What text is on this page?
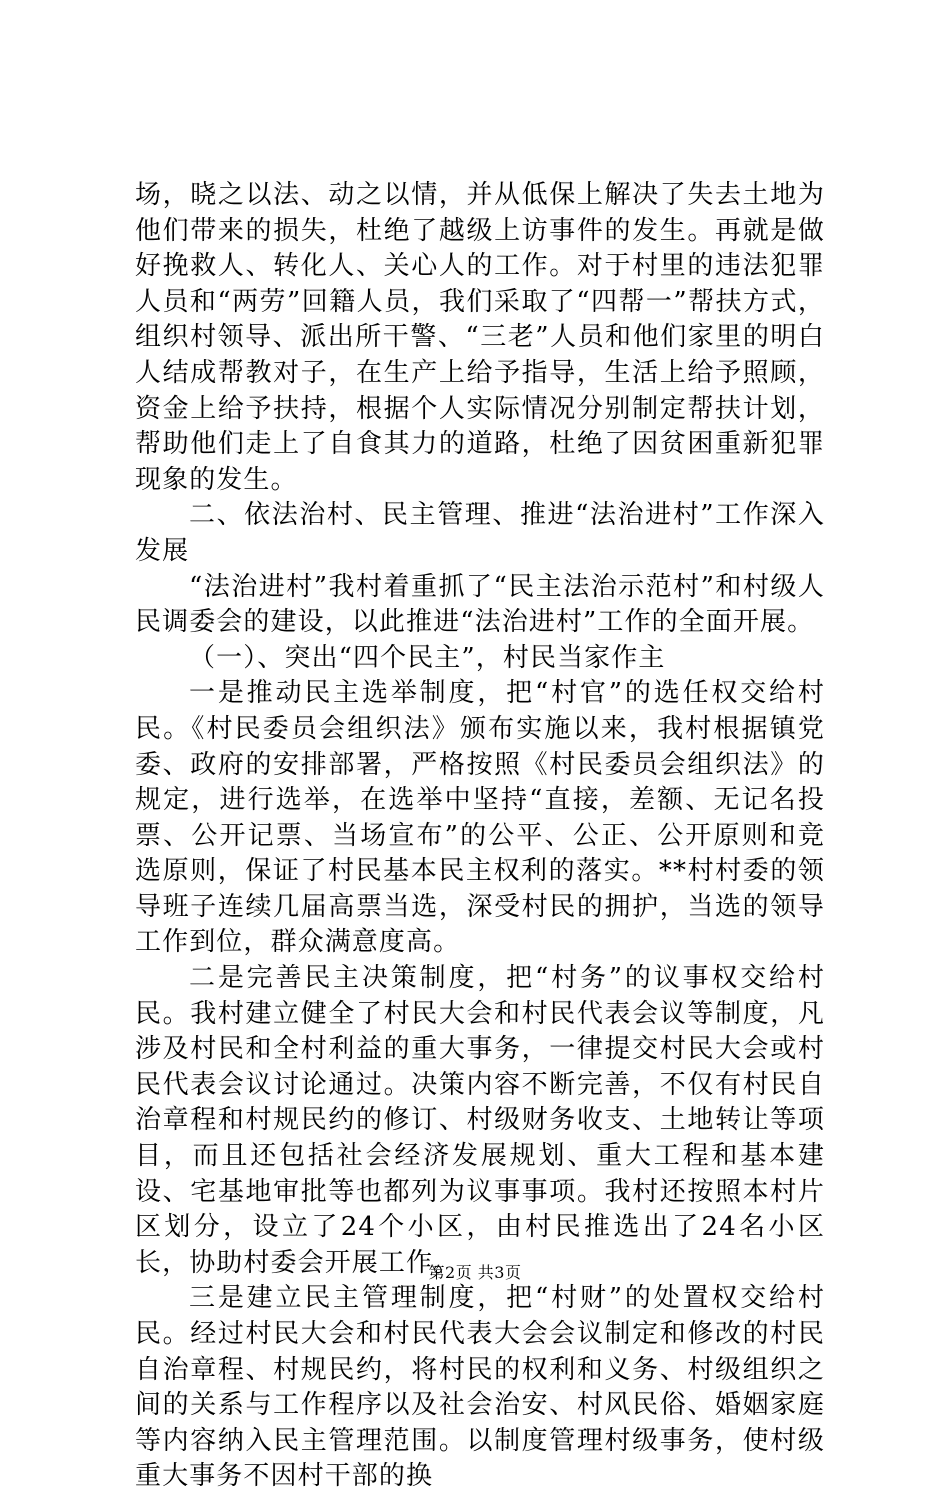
场，晓之以法、动之以情，并从低保上解决了失去土地为他们带来的损失，杜绝了越级上访事件的发生。再就是做好挽救人、转化人、关心人的工作。对于村里的违法犯罪人员和“两劳”回籍人员，我们采取了“四帮一”帮扶方式，组织村领导、派出所干警、“三老”人员和他们家里的明白人结成帮教对子，在生产上给予指导，生活上给予照顾，资金上给予扶持，根据个人实际情况分别制定帮扶计划，帮助他们走上了自食其力的道路，杜绝了因贫困重新犯罪现象的发生。

二、依法治村、民主管理、推进“法治进村”工作深入发展

“法治进村”我村着重抓了“民主法治示范村”和村级人民调委会的建设，以此推进“法治进村”工作的全面开展。

（一）、突出“四个民主”，村民当家作主

一是推动民主选举制度，把“村官”的选任权交给村民。《村民委员会组织法》颁布实施以来，我村根据镇党委、政府的安排部署，严格按照《村民委员会组织法》的规定，进行选举，在选举中坚持“直接，差额、无记名投票、公开记票、当场宣布”的公平、公正、公开原则和竞选原则，保证了村民基本民主权利的落实。**村村委的领导班子连续几届高票当选，深受村民的拥护，当选的领导工作到位，群众满意度高。

二是完善民主决策制度，把“村务”的议事权交给村民。我村建立健全了村民大会和村民代表会议等制度，凡涉及村民和全村利益的重大事务，一律提交村民大会或村民代表会议讨论通过。决策内容不断完善，不仅有村民自治章程和村规民约的修订、村级财务收支、土地转让等项目，而且还包括社会经济发展规划、重大工程和基本建设、宅基地审批等也都列为议事事项。我村还按照本村片区划分，设立了24个小区，由村民推选出了24名小区长，协助村委会开展工作。

三是建立民主管理制度，把“村财”的处置权交给村民。经过村民大会和村民代表大会会议制定和修改的村民自治章程、村规民约，将村民的权利和义务、村级组织之间的关系与工作程序以及社会治安、村风民俗、婚姻家庭等内容纳入民主管理范围。以制度管理村级事务，使村级重大事务不因村干部的换

第2页 共3页
